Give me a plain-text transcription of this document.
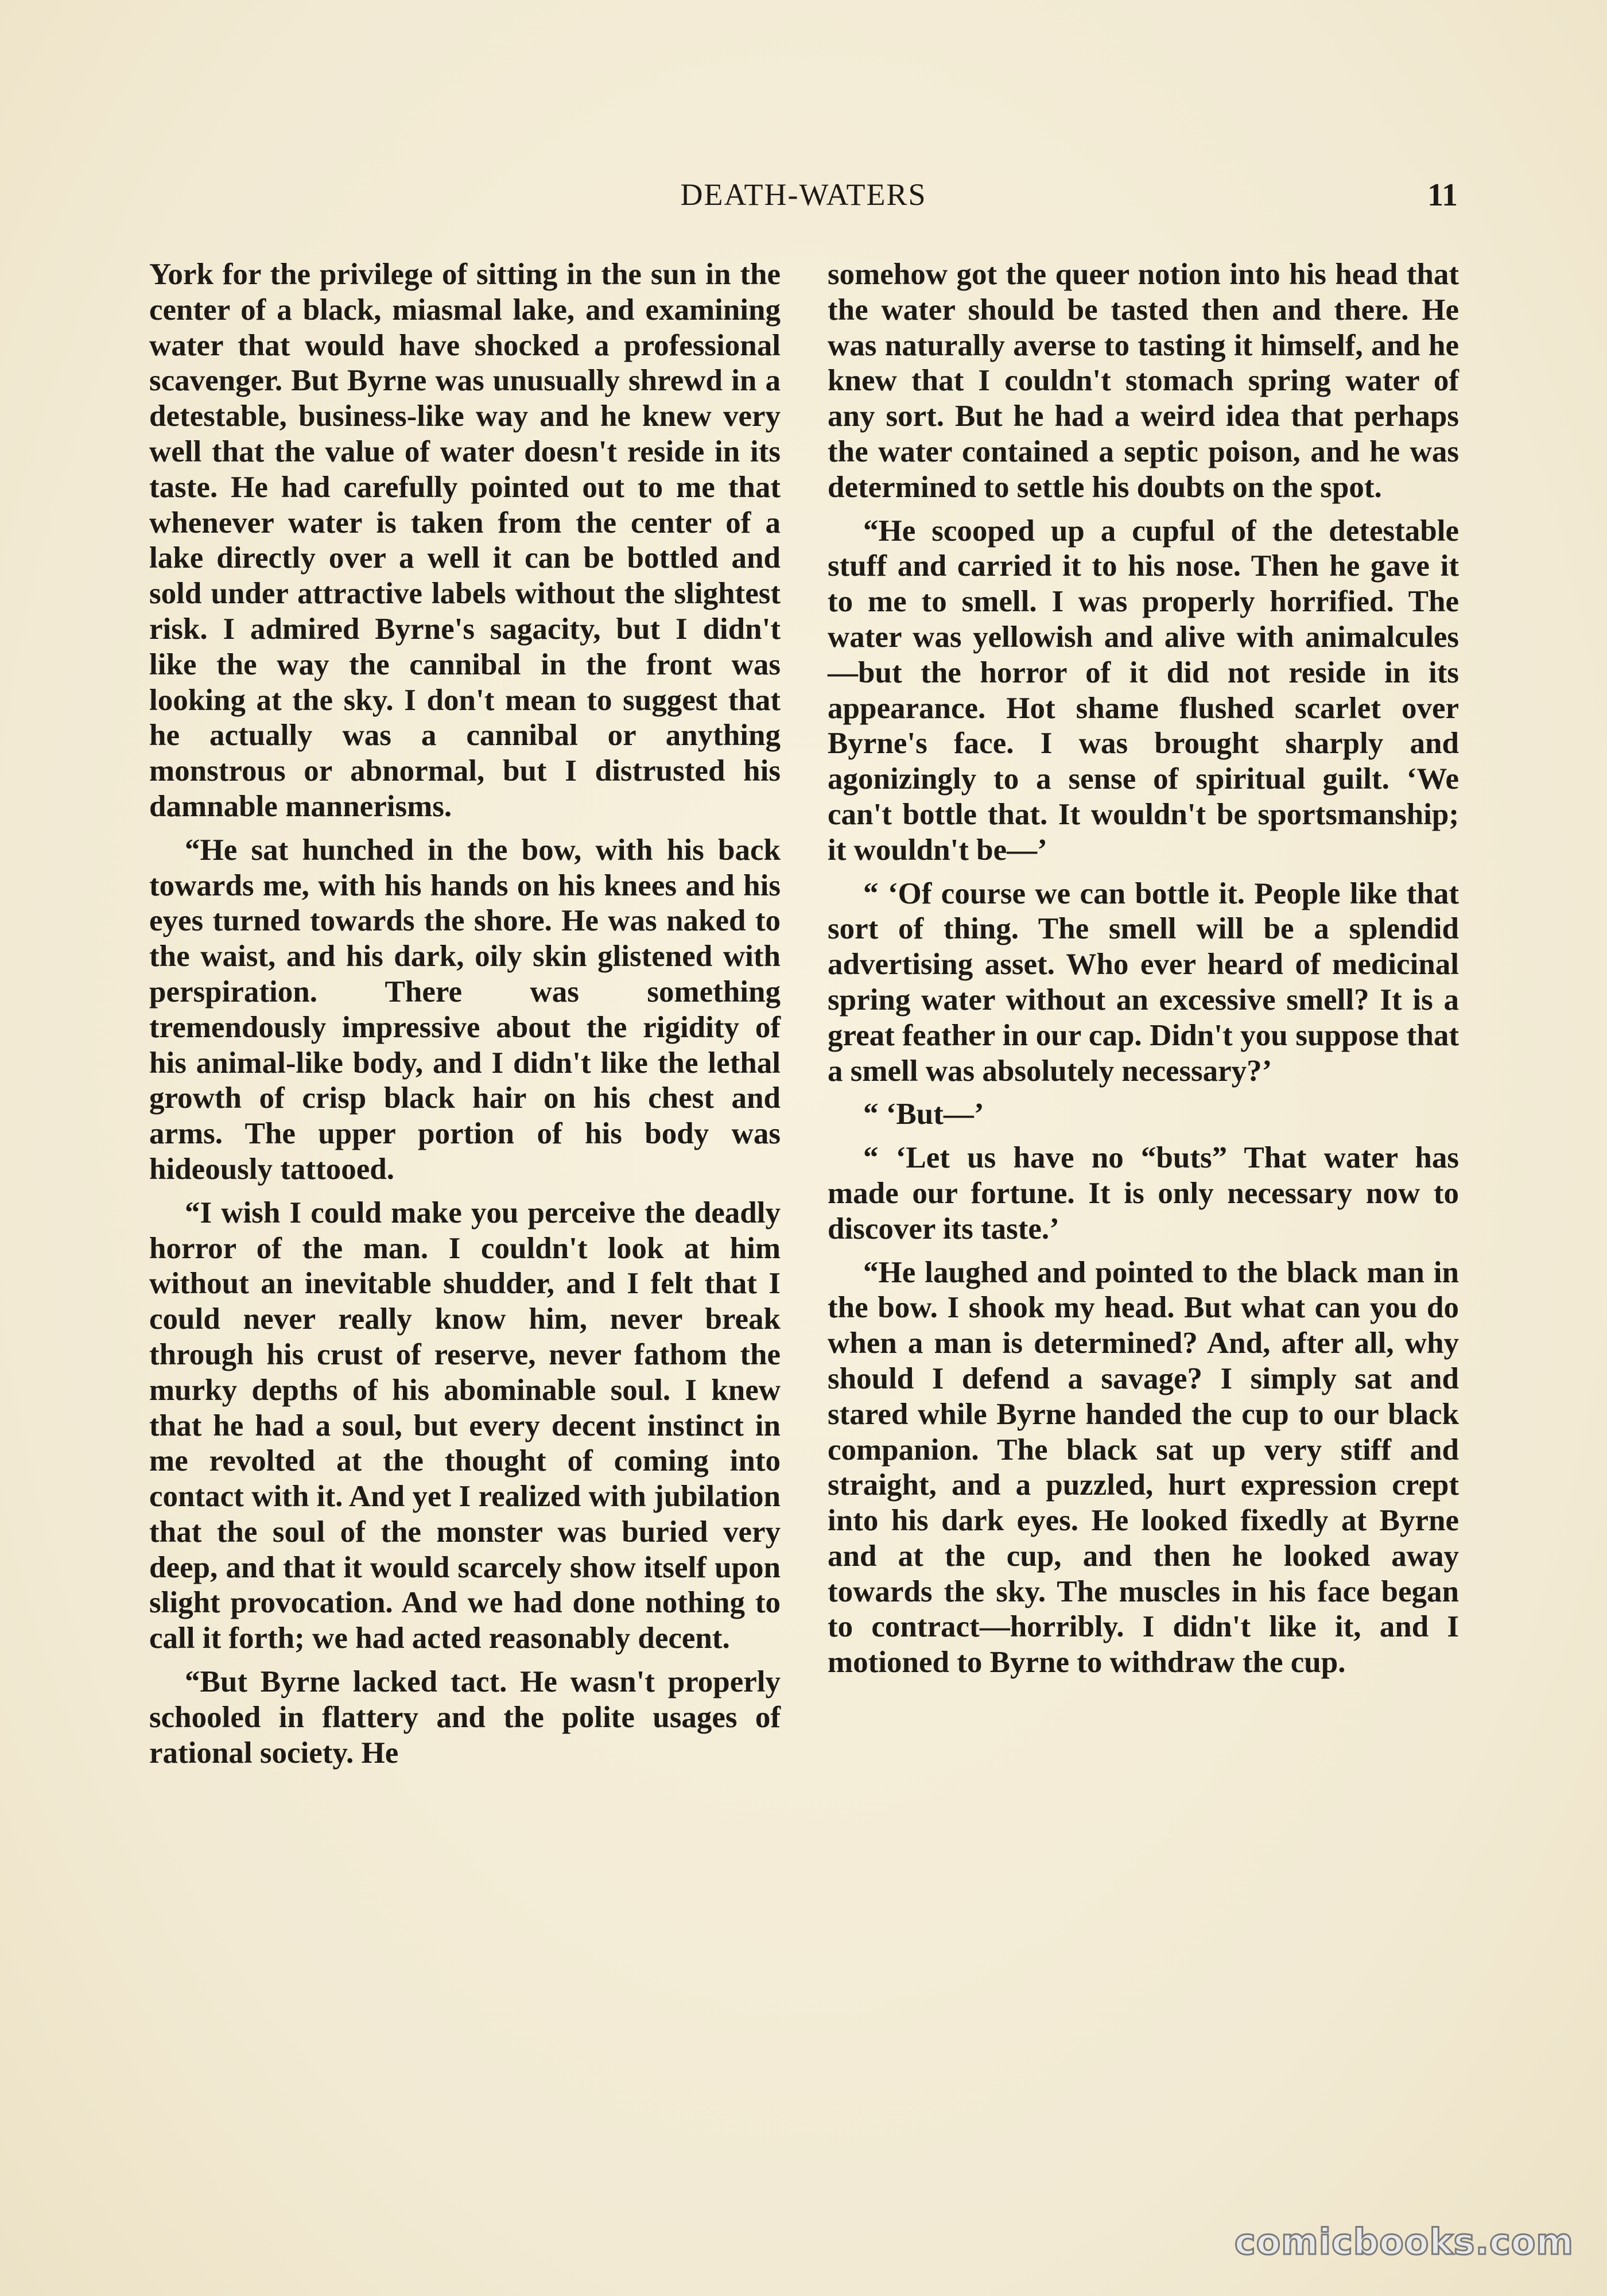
DEATH-WATERS	11

York for the privilege of sitting in the sun in the center of a black, miasmal lake, and examining water that would have shocked a professional scavenger. But Byrne was unusually shrewd in a detestable, business-like way and he knew very well that the value of water doesn't reside in its taste. He had carefully pointed out to me that whenever water is taken from the center of a lake directly over a well it can be bottled and sold under attractive labels without the slightest risk. I admired Byrne's sagacity, but I didn't like the way the cannibal in the front was looking at the sky. I don't mean to suggest that he actually was a cannibal or anything monstrous or abnormal, but I distrusted his damnable mannerisms.

“He sat hunched in the bow, with his back towards me, with his hands on his knees and his eyes turned towards the shore. He was naked to the waist, and his dark, oily skin glistened with perspiration. There was something tremendously impressive about the rigidity of his animal-like body, and I didn't like the lethal growth of crisp black hair on his chest and arms. The upper portion of his body was hideously tattooed.

“I wish I could make you perceive the deadly horror of the man. I couldn't look at him without an inevitable shudder, and I felt that I could never really know him, never break through his crust of reserve, never fathom the murky depths of his abominable soul. I knew that he had a soul, but every decent instinct in me revolted at the thought of coming into contact with it. And yet I realized with jubilation that the soul of the monster was buried very deep, and that it would scarcely show itself upon slight provocation. And we had done nothing to call it forth; we had acted reasonably decent.

“But Byrne lacked tact. He wasn't properly schooled in flattery and the polite usages of rational society. He

somehow got the queer notion into his head that the water should be tasted then and there. He was naturally averse to tasting it himself, and he knew that I couldn't stomach spring water of any sort. But he had a weird idea that perhaps the water contained a septic poison, and he was determined to settle his doubts on the spot.

“He scooped up a cupful of the detestable stuff and carried it to his nose. Then he gave it to me to smell. I was properly horrified. The water was yellowish and alive with animalcules—but the horror of it did not reside in its appearance. Hot shame flushed scarlet over Byrne's face. I was brought sharply and agonizingly to a sense of spiritual guilt. ‘We can't bottle that. It wouldn't be sportsmanship; it wouldn't be—’

“ ‘Of course we can bottle it. People like that sort of thing. The smell will be a splendid advertising asset. Who ever heard of medicinal spring water without an excessive smell? It is a great feather in our cap. Didn't you suppose that a smell was absolutely necessary?’

“ ‘But—’

“ ‘Let us have no “buts” That water has made our fortune. It is only necessary now to discover its taste.’

“He laughed and pointed to the black man in the bow. I shook my head. But what can you do when a man is determined? And, after all, why should I defend a savage? I simply sat and stared while Byrne handed the cup to our black companion. The black sat up very stiff and straight, and a puzzled, hurt expression crept into his dark eyes. He looked fixedly at Byrne and at the cup, and then he looked away towards the sky. The muscles in his face began to contract—horribly. I didn't like it, and I motioned to Byrne to withdraw the cup.

comicbooks.com
